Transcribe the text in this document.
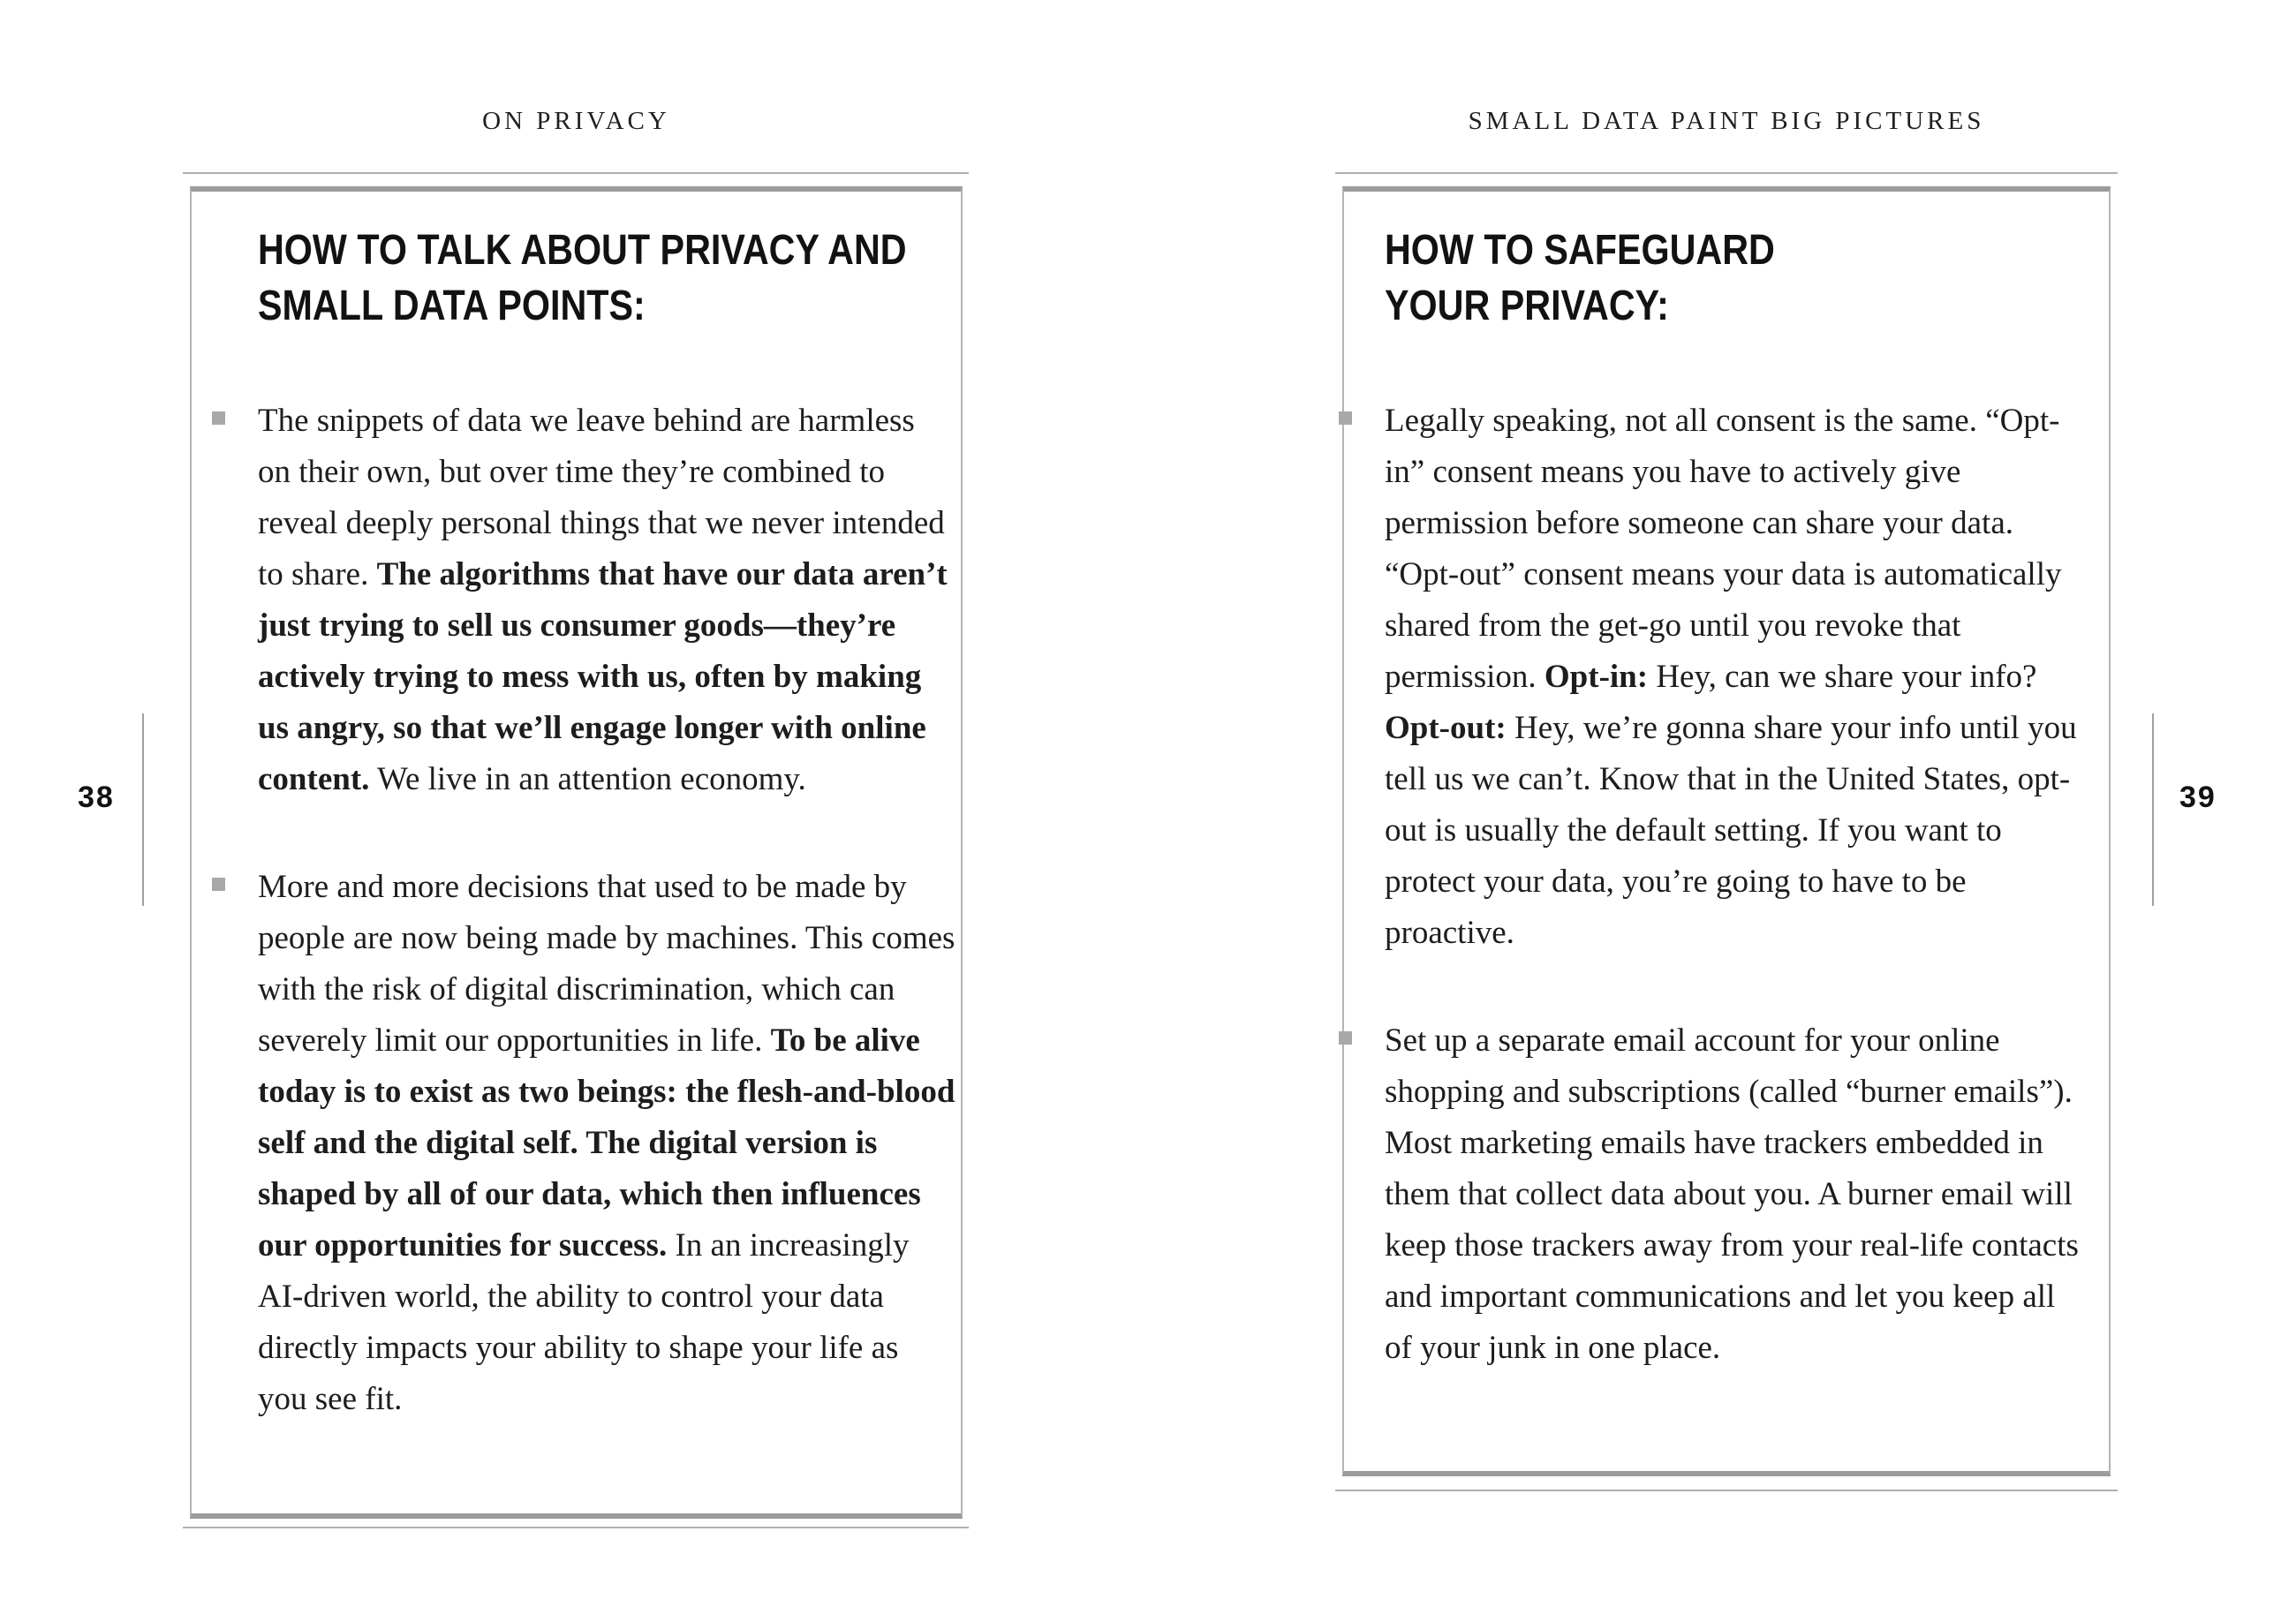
ON PRIVACY
HOW TO TALK ABOUT PRIVACY AND
SMALL DATA POINTS:

The snippets of data we leave behind are harmless on their own, but over time they’re combined to reveal deeply personal things that we never intended to share. The algorithms that have our data aren’t just trying to sell us consumer goods—they’re actively trying to mess with us, often by making us angry, so that we’ll engage longer with online content. We live in an attention economy.

More and more decisions that used to be made by people are now being made by machines. This comes with the risk of digital discrimination, which can severely limit our opportunities in life. To be alive today is to exist as two beings: the flesh-and-blood self and the digital self. The digital version is shaped by all of our data, which then influences our opportunities for success. In an increasingly AI-driven world, the ability to control your data directly impacts your ability to shape your life as you see fit.

38
SMALL DATA PAINT BIG PICTURES
HOW TO SAFEGUARD
YOUR PRIVACY:

Legally speaking, not all consent is the same. “Opt-in” consent means you have to actively give permission before someone can share your data. “Opt-out” consent means your data is automatically shared from the get-go until you revoke that permission. Opt-in: Hey, can we share your info? Opt-out: Hey, we’re gonna share your info until you tell us we can’t. Know that in the United States, opt-out is usually the default setting. If you want to protect your data, you’re going to have to be proactive.

Set up a separate email account for your online shopping and subscriptions (called “burner emails”). Most marketing emails have trackers embedded in them that collect data about you. A burner email will keep those trackers away from your real-life contacts and important communications and let you keep all of your junk in one place.

39
